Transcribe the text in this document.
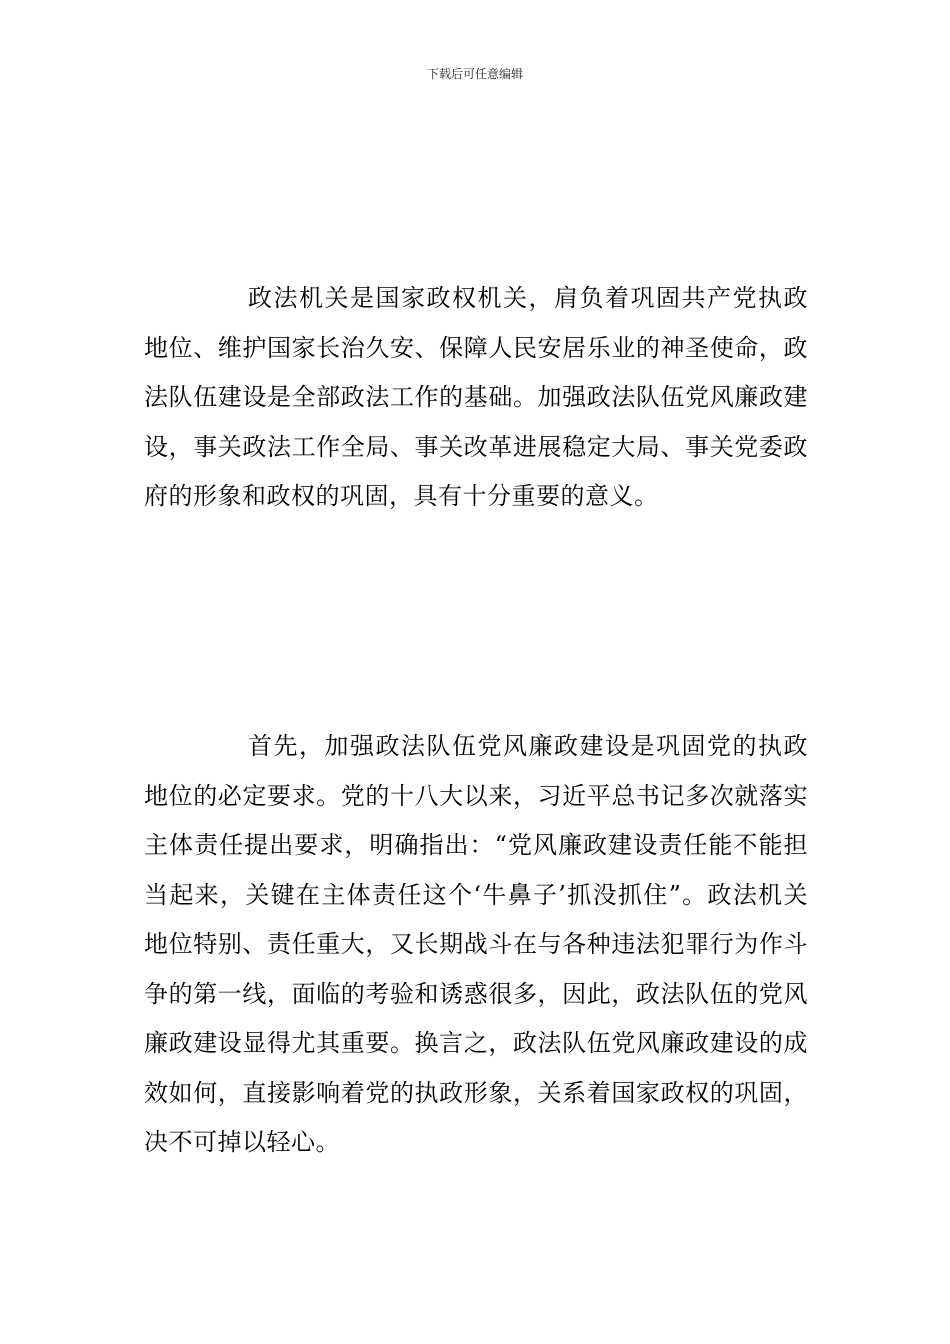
下载后可任意编辑

政法机关是国家政权机关，肩负着巩固共产党执政地位、维护国家长治久安、保障人民安居乐业的神圣使命，政法队伍建设是全部政法工作的基础。加强政法队伍党风廉政建设，事关政法工作全局、事关改革进展稳定大局、事关党委政府的形象和政权的巩固，具有十分重要的意义。

首先，加强政法队伍党风廉政建设是巩固党的执政地位的必定要求。党的十八大以来，习近平总书记多次就落实主体责任提出要求，明确指出：“党风廉政建设责任能不能担当起来，关键在主体责任这个‘牛鼻子’抓没抓住”。政法机关地位特别、责任重大，又长期战斗在与各种违法犯罪行为作斗争的第一线，面临的考验和诱惑很多，因此，政法队伍的党风廉政建设显得尤其重要。换言之，政法队伍党风廉政建设的成效如何，直接影响着党的执政形象，关系着国家政权的巩固，决不可掉以轻心。
